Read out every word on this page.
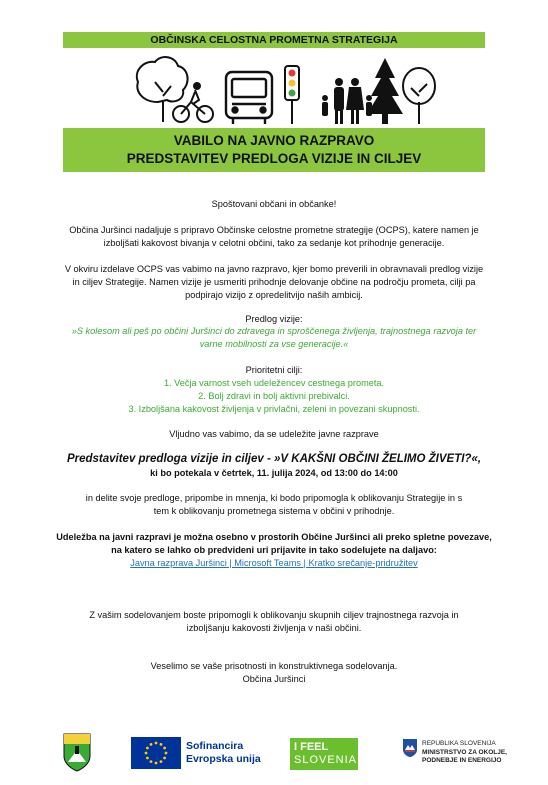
OBČINSKA CELOSTNA PROMETNA STRATEGIJA
VABILO NA JAVNO RAZPRAVO
PREDSTAVITEV PREDLOGA VIZIJE IN CILJEV
Spoštovani občani in občanke!
Občina Juršinci nadaljuje s pripravo Občinske celostne prometne strategije (OCPS), katere namen je
izboljšati kakovost bivanja v celotni občini, tako za sedanje kot prihodnje generacije.
V okviru izdelave OCPS vas vabimo na javno razpravo, kjer bomo preverili in obravnavali predlog vizije
in ciljev Strategije. Namen vizije je usmeriti prihodnje delovanje občine na področju prometa, cilji pa
podpirajo vizijo z opredelitvijo naših ambicij.
Predlog vizije:
»S kolesom ali peš po občini Juršinci do zdravega in sproščenega življenja, trajnostnega razvoja ter
varne mobilnosti za vse generacije.«
Prioritetni cilji:
1. Večja varnost vseh udeležencev cestnega prometa.
2. Bolj zdravi in bolj aktivni prebivalci.
3. Izboljšana kakovost življenja v privlačni, zeleni in povezani skupnosti.
Vljudno vas vabimo, da se udeležite javne razprave
Predstavitev predloga vizije in ciljev - »V KAKŠNI OBČINI ŽELIMO ŽIVETI?«,
ki bo potekala v četrtek, 11. julija 2024, od 13:00 do 14:00
in delite svoje predloge, pripombe in mnenja, ki bodo pripomogla k oblikovanju Strategije in s
tem k oblikovanju prometnega sistema v občini v prihodnje.
Udeležba na javni razpravi je možna osebno v prostorih Občine Juršinci ali preko spletne povezave,
na katero se lahko ob predvideni uri prijavite in tako sodelujete na daljavo:
Javna razprava Juršinci | Microsoft Teams | Kratko srečanje-pridružitev
Z vašim sodelovanjem boste pripomogli k oblikovanju skupnih ciljev trajnostnega razvoja in
izboljšanju kakovosti življenja v naši občini.
Veselimo se vaše prisotnosti in konstruktivnega sodelovanja.
Občina Juršinci
Sofinancira
Evropska unija
I FEEL
SLOVENIA
REPUBLIKA SLOVENIJA
MINISTRSTVO ZA OKOLJE,
PODNEBJE IN ENERGIJO
